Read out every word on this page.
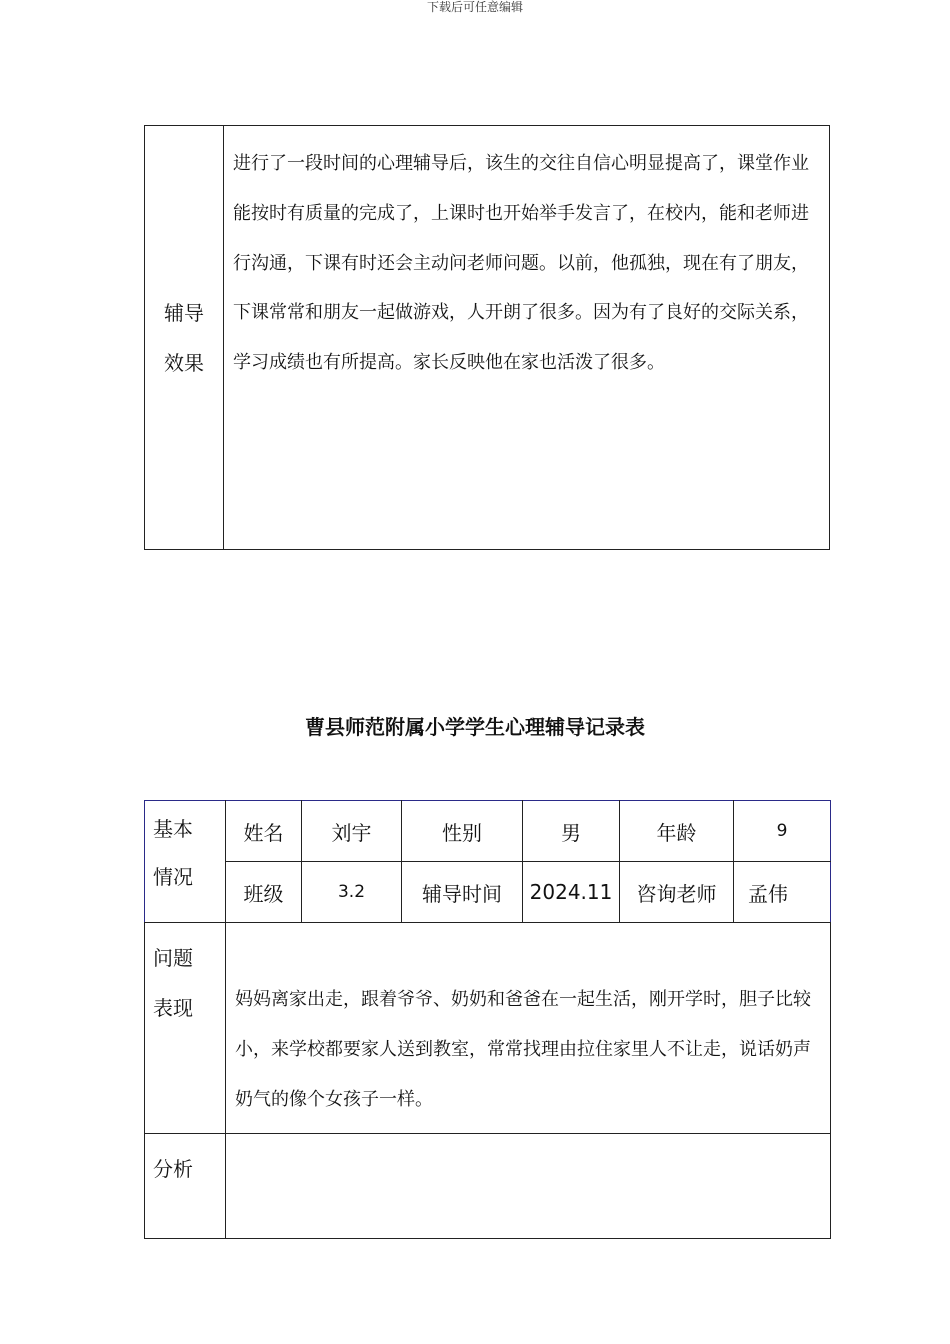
下载后可任意编辑
辅导
效果	进行了一段时间的心理辅导后，该生的交往自信心明显提高了，课堂作业能按时有质量的完成了，上课时也开始举手发言了，在校内，能和老师进行沟通，下课有时还会主动问老师问题。以前，他孤独，现在有了朋友，下课常常和朋友一起做游戏，人开朗了很多。因为有了良好的交际关系，学习成绩也有所提高。家长反映他在家也活泼了很多。
曹县师范附属小学学生心理辅导记录表
基本
情况	姓名	刘宇	性别	男	年龄	9
	班级	3.2	辅导时间	2024.11	咨询老师	孟伟
问题
表现	妈妈离家出走，跟着爷爷、奶奶和爸爸在一起生活，刚开学时，胆子比较小，来学校都要家人送到教室，常常找理由拉住家里人不让走，说话奶声奶气的像个女孩子一样。					
分析						
